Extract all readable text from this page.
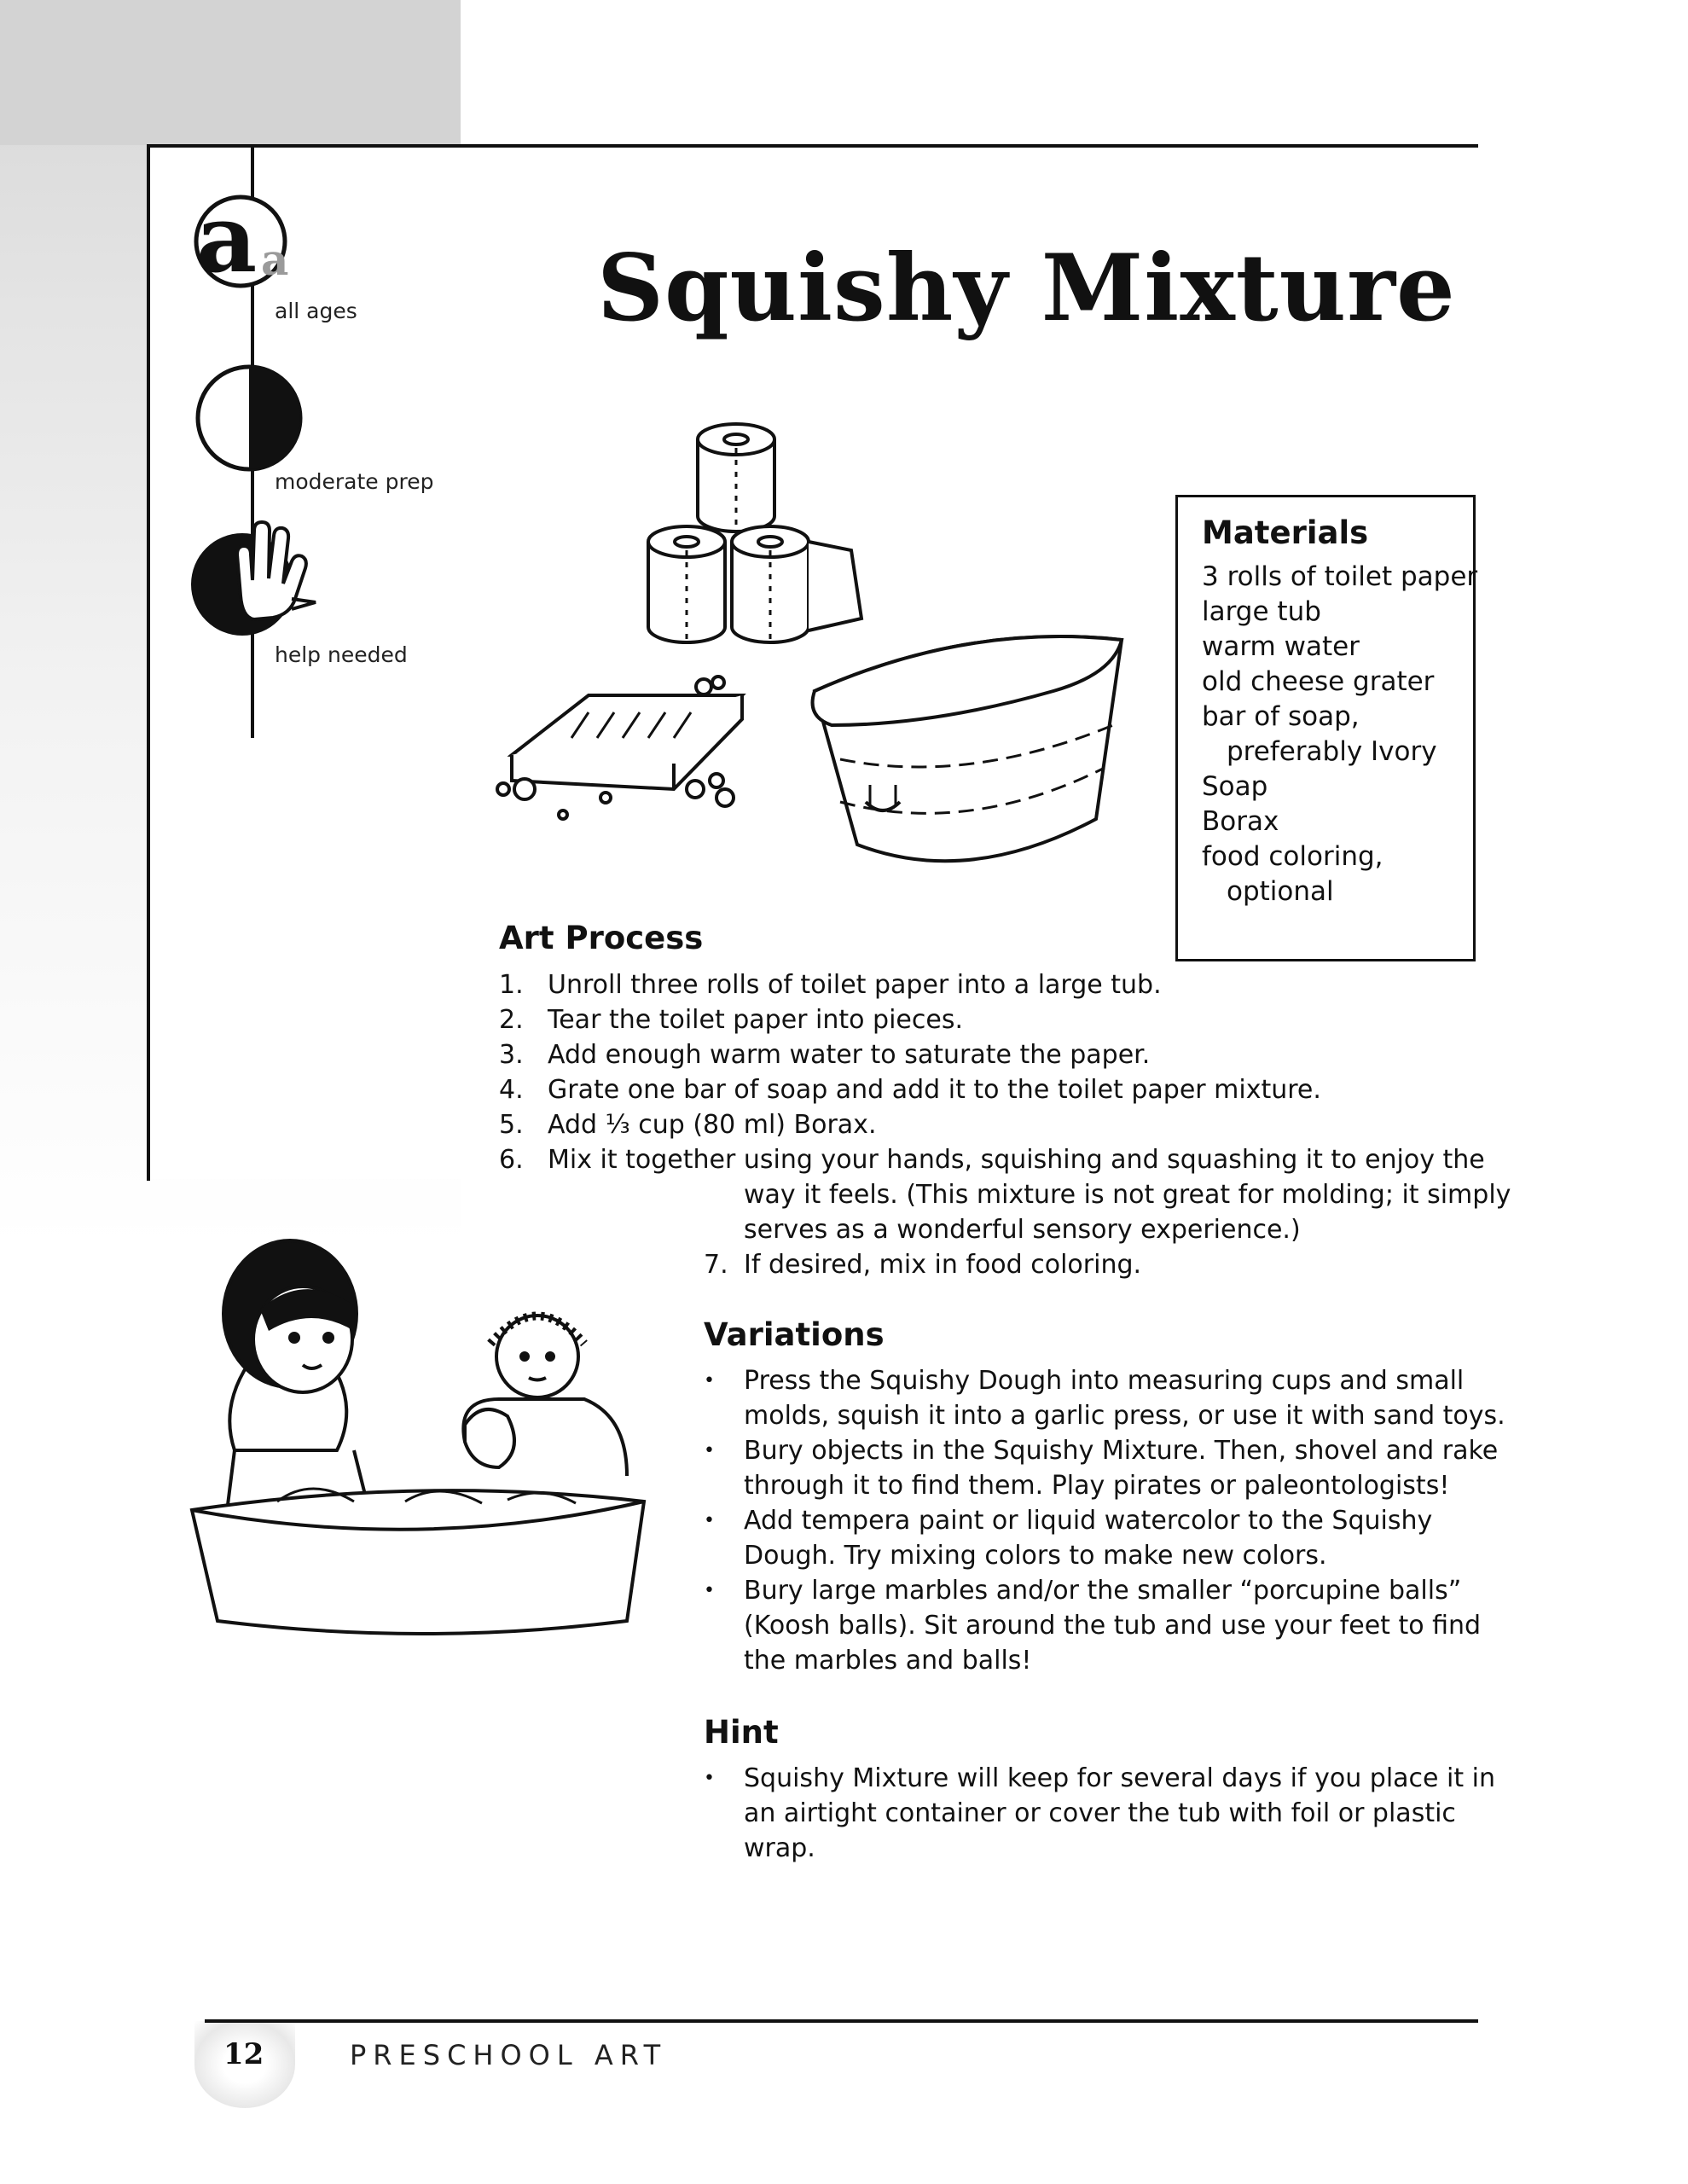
a a
all ages
moderate prep
help needed
Squishy Mixture
Materials
3 rolls of toilet paper
large tub
warm water
old cheese grater
bar of soap,
preferably Ivory
Soap
Borax
food coloring,
optional
Art Process
1. Unroll three rolls of toilet paper into a large tub.
2. Tear the toilet paper into pieces.
3. Add enough warm water to saturate the paper.
4. Grate one bar of soap and add it to the toilet paper mixture.
5. Add ⅓ cup (80 ml) Borax.
6. Mix it together using your hands, squishing and squashing it to enjoy the
way it feels. (This mixture is not great for molding; it simply
serves as a wonderful sensory experience.)
7. If desired, mix in food coloring.
Variations
• Press the Squishy Dough into measuring cups and small molds, squish it into a garlic press, or use it with sand toys.
• Bury objects in the Squishy Mixture. Then, shovel and rake through it to find them. Play pirates or paleontologists!
• Add tempera paint or liquid watercolor to the Squishy Dough. Try mixing colors to make new colors.
• Bury large marbles and/or the smaller “porcupine balls” (Koosh balls). Sit around the tub and use your feet to find the marbles and balls!
Hint
• Squishy Mixture will keep for several days if you place it in an airtight container or cover the tub with foil or plastic wrap.
12	PRESCHOOL ART
